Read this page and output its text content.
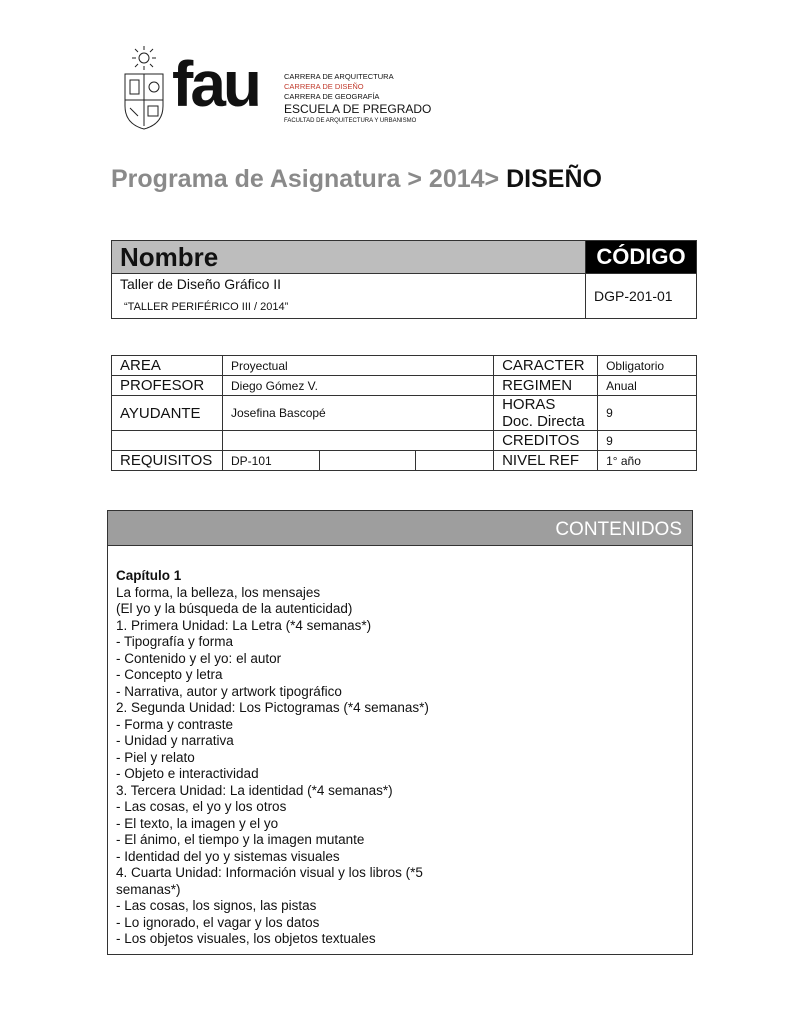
fau	CARRERA DE ARQUITECTURA
CARRERA DE DISEÑO
CARRERA DE GEOGRAFÍA
ESCUELA DE PREGRADO
FACULTAD DE ARQUITECTURA Y URBANISMO
Programa de Asignatura > 2014> DISEÑO
Nombre	CÓDIGO

Taller de Diseño Gráfico II
“TALLER PERIFÉRICO III / 2014”	DGP-201-01
AREA	Proyectual			CARACTER	Obligatorio
PROFESOR	Diego Gómez V.			REGIMEN	Anual
AYUDANTE	Josefina Bascopé			HORAS
Doc. Directa	9
				CREDITOS	9
REQUISITOS	DP-101			NIVEL REF	1° año
CONTENIDOS
Capítulo 1
La forma, la belleza, los mensajes
(El yo y la búsqueda de la autenticidad)
1. Primera Unidad: La Letra (*4 semanas*)
- Tipografía y forma
- Contenido y el yo: el autor
- Concepto y letra
- Narrativa, autor y artwork tipográfico
2. Segunda Unidad: Los Pictogramas (*4 semanas*)
- Forma y contraste
- Unidad y narrativa
- Piel y relato
- Objeto e interactividad
3. Tercera Unidad: La identidad (*4 semanas*)
- Las cosas, el yo y los otros
- El texto, la imagen y el yo
- El ánimo, el tiempo y la imagen mutante
- Identidad del yo y sistemas visuales
4. Cuarta Unidad: Información visual y los libros (*5
semanas*)
- Las cosas, los signos, las pistas
- Lo ignorado, el vagar y los datos
- Los objetos visuales, los objetos textuales
